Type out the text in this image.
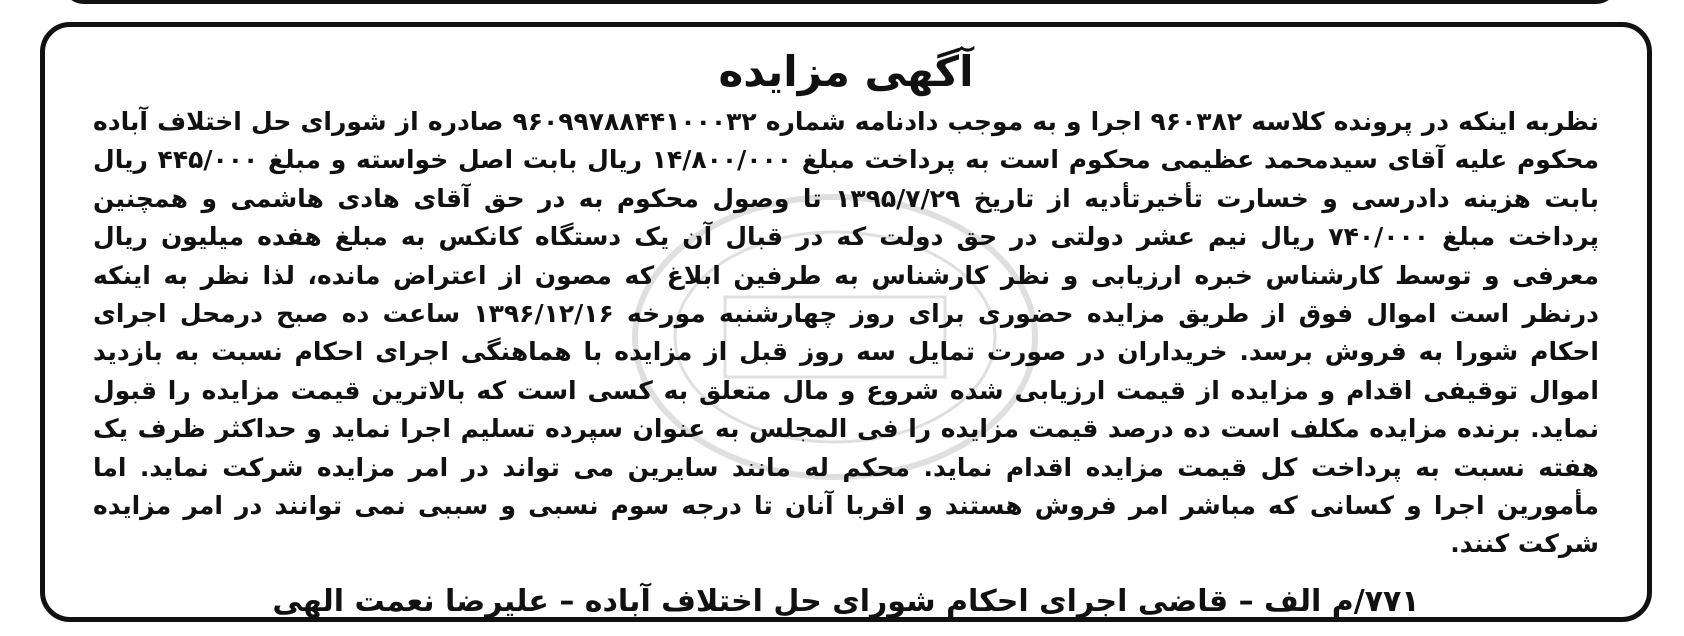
آگهی مزایده
نظربه اینکه در پرونده کلاسه ۹۶۰۳۸۲ اجرا و به موجب دادنامه شماره ۹۶۰۹۹۷۸۸۴۴۱۰۰۰۳۲ صادره از شورای حل اختلاف آباده محکوم علیه آقای سیدمحمد عظیمی محکوم است به پرداخت مبلغ ۱۴/۸۰۰/۰۰۰ ریال بابت اصل خواسته و مبلغ ۴۴۵/۰۰۰ ریال بابت هزینه دادرسی و خسارت تأخیرتأدیه از تاریخ ۱۳۹۵/۷/۲۹ تا وصول محکوم به در حق آقای هادی هاشمی و همچنین پرداخت مبلغ ۷۴۰/۰۰۰ ریال نیم عشر دولتی در حق دولت که در قبال آن یک دستگاه کانکس به مبلغ هفده میلیون ریال معرفی و توسط کارشناس خبره ارزیابی و نظر کارشناس به طرفین ابلاغ که مصون از اعتراض مانده، لذا نظر به اینکه درنظر است اموال فوق از طریق مزایده حضوری برای روز چهارشنبه مورخه ۱۳۹۶/۱۲/۱۶ ساعت ده صبح درمحل اجرای احکام شورا به فروش برسد. خریداران در صورت تمایل سه روز قبل از مزایده با هماهنگی اجرای احکام نسبت به بازدید اموال توقیفی اقدام و مزایده از قیمت ارزیابی شده شروع و مال متعلق به کسی است که بالاترین قیمت مزایده را قبول نماید. برنده مزایده مکلف است ده درصد قیمت مزایده را فی المجلس به عنوان سپرده تسلیم اجرا نماید و حداکثر ظرف یک هفته نسبت به پرداخت کل قیمت مزایده اقدام نماید. محکم له مانند سایرین می تواند در امر مزایده شرکت نماید. اما مأمورین اجرا و کسانی که مباشر امر فروش هستند و اقربا آنان تا درجه سوم نسبی و سببی نمی توانند در امر مزایده شرکت کنند.
۷۷۱/م الف – قاضی اجرای احکام شورای حل اختلاف آباده – علیرضا نعمت الهی
